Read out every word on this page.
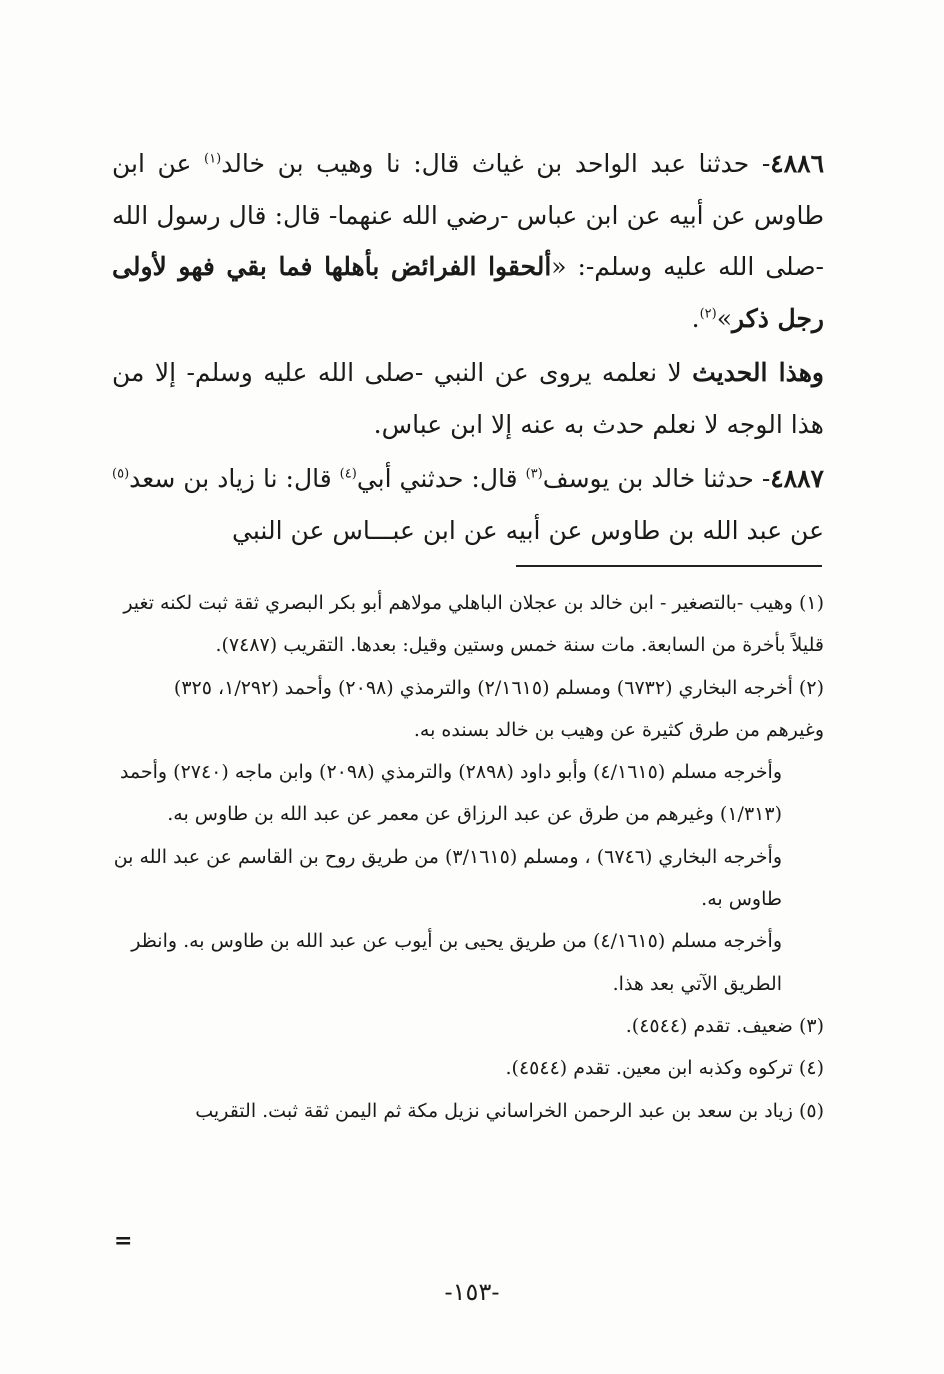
٤٨٨٦- حدثنا عبد الواحد بن غياث قال: نا وهيب بن خالد$^{(١)}$ عن ابن طاوس عن أبيه عن ابن عباس -رضي الله عنهما- قال: قال رسول الله -صلى الله عليه وسلم-: «ألحقوا الفرائض بأهلها فما بقي فهو لأولى رجل ذكر»$^{(٢)}$.

وهذا الحديث لا نعلمه يروى عن النبي -صلى الله عليه وسلم- إلا من هذا الوجه لا نعلم حدث به عنه إلا ابن عباس.

٤٨٨٧- حدثنا خالد بن يوسف$^{(٣)}$ قال: حدثني أبي$^{(٤)}$ قال: نا زياد بن سعد$^{(٥)}$ عن عبد الله بن طاوس عن أبيه عن ابن عبـــاس عن النبي

(١) وهيب -بالتصغير - ابن خالد بن عجلان الباهلي مولاهم أبو بكر البصري ثقة ثبت لكنه تغير قليلاً بأخرة من السابعة. مات سنة خمس وستين وقيل: بعدها. التقريب (٧٤٨٧).

(٢) أخرجه البخاري (٦٧٣٢) ومسلم (٢/١٦١٥) والترمذي (٢٠٩٨) وأحمد (١/٢٩٢، ٣٢٥) وغيرهم من طرق كثيرة عن وهيب بن خالد بسنده به.

وأخرجه مسلم (٤/١٦١٥) وأبو داود (٢٨٩٨) والترمذي (٢٠٩٨) وابن ماجه (٢٧٤٠) وأحمد (١/٣١٣) وغيرهم من طرق عن عبد الرزاق عن معمر عن عبد الله بن طاوس به.

وأخرجه البخاري (٦٧٤٦) ، ومسلم (٣/١٦١٥) من طريق روح بن القاسم عن عبد الله بن طاوس به.

وأخرجه مسلم (٤/١٦١٥) من طريق يحيى بن أيوب عن عبد الله بن طاوس به. وانظر الطريق الآتي بعد هذا.

(٣) ضعيف. تقدم (٤٥٤٤).

(٤) تركوه وكذبه ابن معين. تقدم (٤٥٤٤).

(٥) زياد بن سعد بن عبد الرحمن الخراساني نزيل مكة ثم اليمن ثقة ثبت. التقريب

=
-١٥٣-
